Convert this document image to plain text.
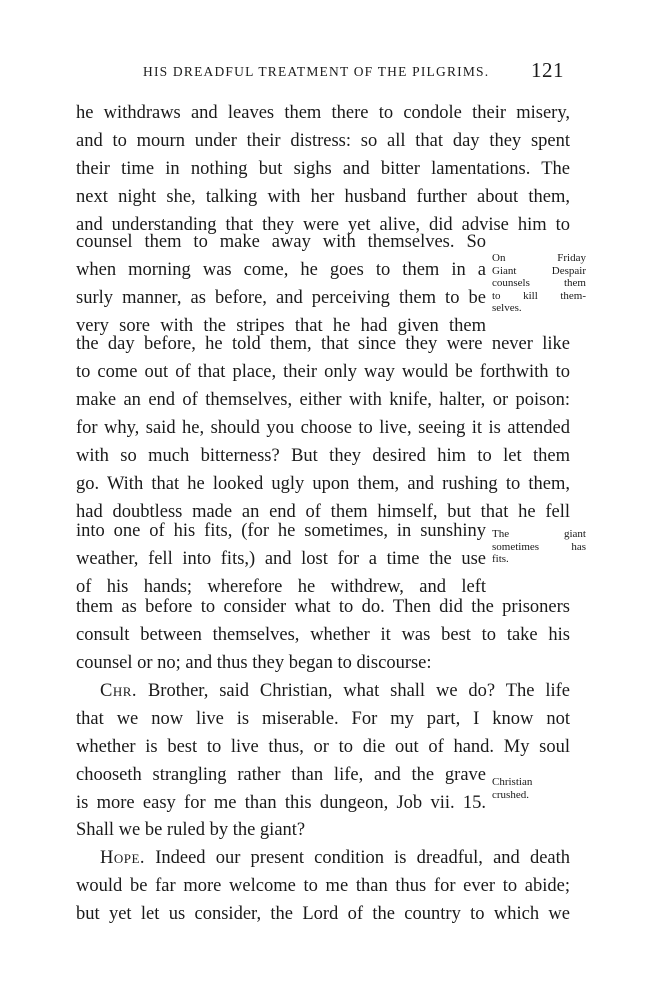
HIS DREADFUL TREATMENT OF THE PILGRIMS.	121
he withdraws and leaves them there to condole their misery,
and to mourn under their distress: so all that day they spent
their time in nothing but sighs and bitter lamentations. The
next night she, talking with her husband further about them,
and understanding that they were yet alive, did advise him to
counsel them to make away with themselves. So
when morning was come, he goes to them in a
surly manner, as before, and perceiving them to be
very sore with the stripes that he had given them
the day before, he told them, that since they were never like
to come out of that place, their only way would be forthwith to
make an end of themselves, either with knife, halter, or poison:
for why, said he, should you choose to live, seeing it is attended
with so much bitterness? But they desired him to let them
go. With that he looked ugly upon them, and rushing to them,
had doubtless made an end of them himself, but that he fell
into one of his fits, (for he sometimes, in sunshiny
weather, fell into fits,) and lost for a time the use
of his hands; wherefore he withdrew, and left
them as before to consider what to do. Then did the prisoners
consult between themselves, whether it was best to take his
counsel or no; and thus they began to discourse:
Chr. Brother, said Christian, what shall we do? The life
that we now live is miserable. For my part, I know not
whether is best to live thus, or to die out of hand. My soul
chooseth strangling rather than life, and the grave
is more easy for me than this dungeon, Job vii. 15.
Shall we be ruled by the giant?
Hope. Indeed our present condition is dreadful, and death
would be far more welcome to me than thus for ever to abide;
but yet let us consider, the Lord of the country to which we
On Friday
Giant Despair
counsels them
to kill them-
selves.
The giant
sometimes has
fits.
Christian
crushed.
